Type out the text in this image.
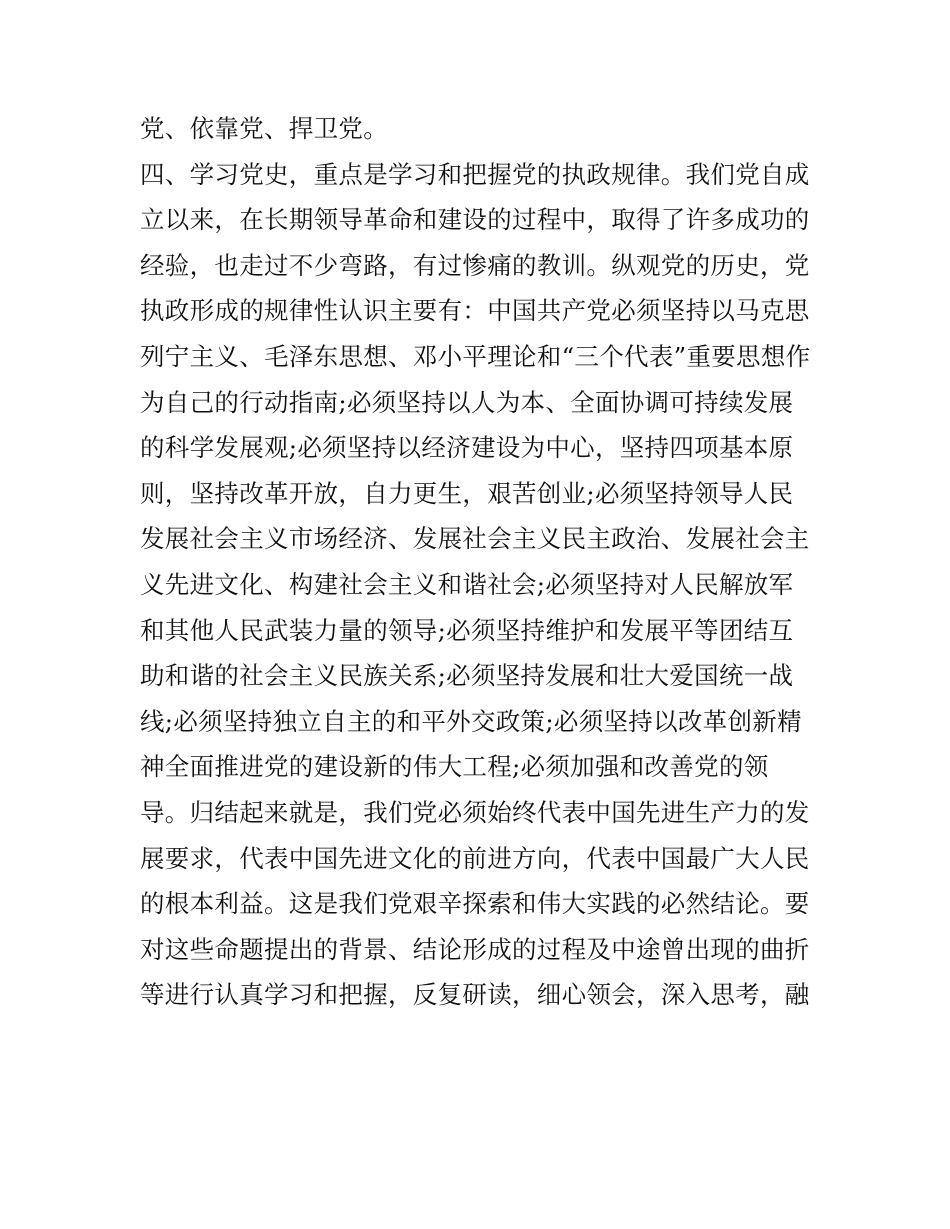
党、依靠党、捍卫党。
四、学习党史，重点是学习和把握党的执政规律。我们党自成
立以来，在长期领导革命和建设的过程中，取得了许多成功的
经验，也走过不少弯路，有过惨痛的教训。纵观党的历史，党
执政形成的规律性认识主要有：中国共产党必须坚持以马克思
列宁主义、毛泽东思想、邓小平理论和“三个代表”重要思想作
为自己的行动指南;必须坚持以人为本、全面协调可持续发展
的科学发展观;必须坚持以经济建设为中心，坚持四项基本原
则，坚持改革开放，自力更生，艰苦创业;必须坚持领导人民
发展社会主义市场经济、发展社会主义民主政治、发展社会主
义先进文化、构建社会主义和谐社会;必须坚持对人民解放军
和其他人民武装力量的领导;必须坚持维护和发展平等团结互
助和谐的社会主义民族关系;必须坚持发展和壮大爱国统一战
线;必须坚持独立自主的和平外交政策;必须坚持以改革创新精
神全面推进党的建设新的伟大工程;必须加强和改善党的领
导。归结起来就是，我们党必须始终代表中国先进生产力的发
展要求，代表中国先进文化的前进方向，代表中国最广大人民
的根本利益。这是我们党艰辛探索和伟大实践的必然结论。要
对这些命题提出的背景、结论形成的过程及中途曾出现的曲折
等进行认真学习和把握，反复研读，细心领会，深入思考，融
